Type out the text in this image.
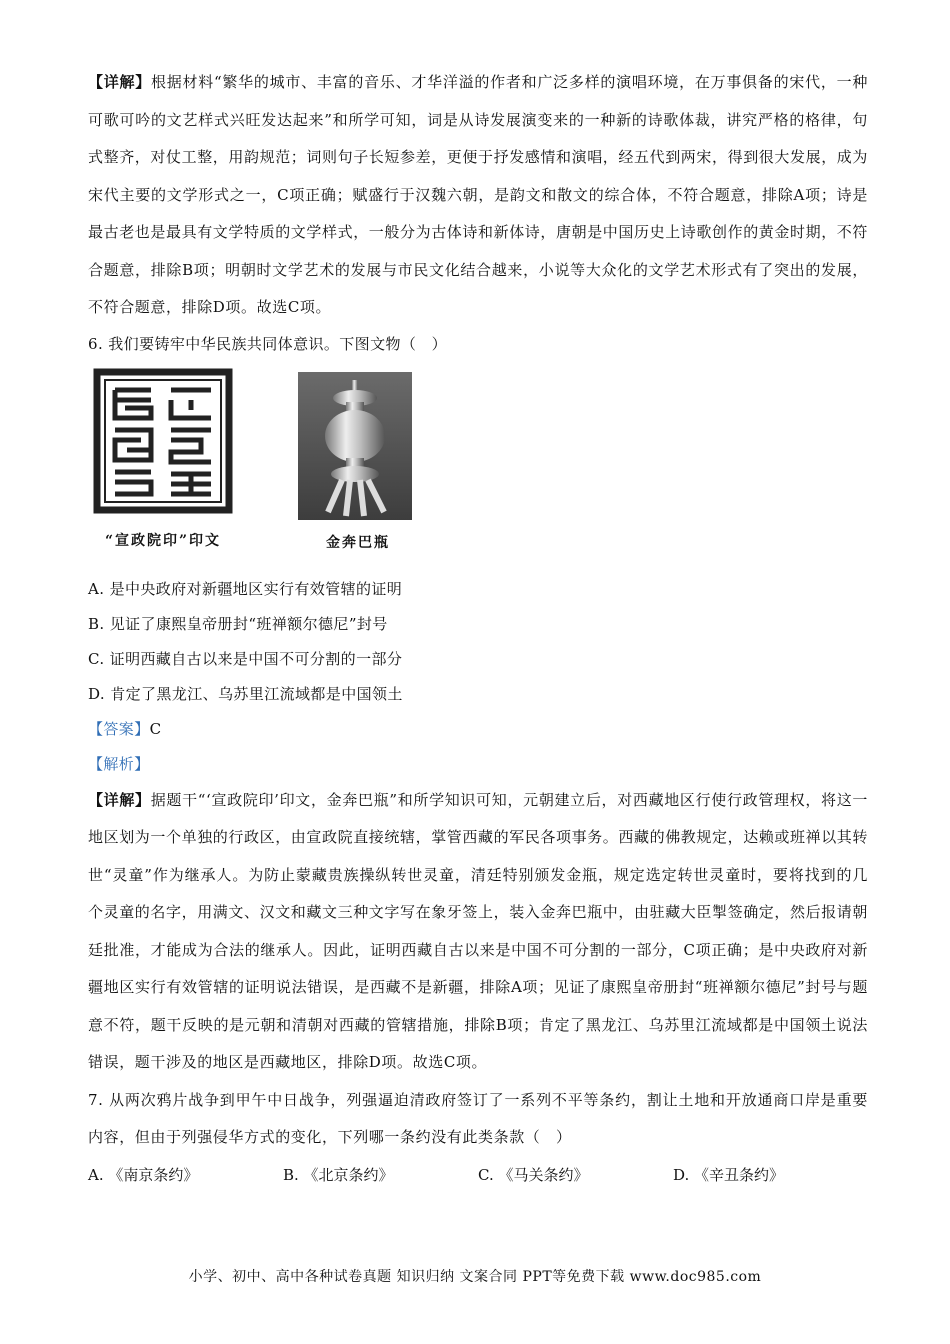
【详解】根据材料“繁华的城市、丰富的音乐、才华洋溢的作者和广泛多样的演唱环境，在万事俱备的宋代，一种可歌可吟的文艺样式兴旺发达起来”和所学可知，词是从诗发展演变来的一种新的诗歌体裁，讲究严格的格律，句式整齐，对仗工整，用韵规范；词则句子长短参差，更便于抒发感情和演唱，经五代到两宋，得到很大发展，成为宋代主要的文学形式之一，C项正确；赋盛行于汉魏六朝，是韵文和散文的综合体，不符合题意，排除A项；诗是最古老也是最具有文学特质的文学样式，一般分为古体诗和新体诗，唐朝是中国历史上诗歌创作的黄金时期，不符合题意，排除B项；明朝时文学艺术的发展与市民文化结合越来，小说等大众化的文学艺术形式有了突出的发展，不符合题意，排除D项。故选C项。

6. 我们要铸牢中华民族共同体意识。下图文物（　）

“宣政院印”印文	金奔巴瓶

A. 是中央政府对新疆地区实行有效管辖的证明

B. 见证了康熙皇帝册封“班禅额尔德尼”封号

C. 证明西藏自古以来是中国不可分割的一部分

D. 肯定了黑龙江、乌苏里江流域都是中国领土

【答案】C

【解析】

【详解】据题干“‘宣政院印’印文，金奔巴瓶”和所学知识可知，元朝建立后，对西藏地区行使行政管理权，将这一地区划为一个单独的行政区，由宣政院直接统辖，掌管西藏的军民各项事务。西藏的佛教规定，达赖或班禅以其转世“灵童”作为继承人。为防止蒙藏贵族操纵转世灵童，清廷特别颁发金瓶，规定选定转世灵童时，要将找到的几个灵童的名字，用满文、汉文和藏文三种文字写在象牙签上，装入金奔巴瓶中，由驻藏大臣掣签确定，然后报请朝廷批准，才能成为合法的继承人。因此，证明西藏自古以来是中国不可分割的一部分，C项正确；是中央政府对新疆地区实行有效管辖的证明说法错误，是西藏不是新疆，排除A项；见证了康熙皇帝册封“班禅额尔德尼”封号与题意不符，题干反映的是元朝和清朝对西藏的管辖措施，排除B项；肯定了黑龙江、乌苏里江流域都是中国领土说法错误，题干涉及的地区是西藏地区，排除D项。故选C项。

7. 从两次鸦片战争到甲午中日战争，列强逼迫清政府签订了一系列不平等条约，割让土地和开放通商口岸是重要内容，但由于列强侵华方式的变化，下列哪一条约没有此类条款（　）

A. 《南京条约》	B. 《北京条约》	C. 《马关条约》	D. 《辛丑条约》
小学、初中、高中各种试卷真题 知识归纳 文案合同 PPT等免费下载 www.doc985.com
